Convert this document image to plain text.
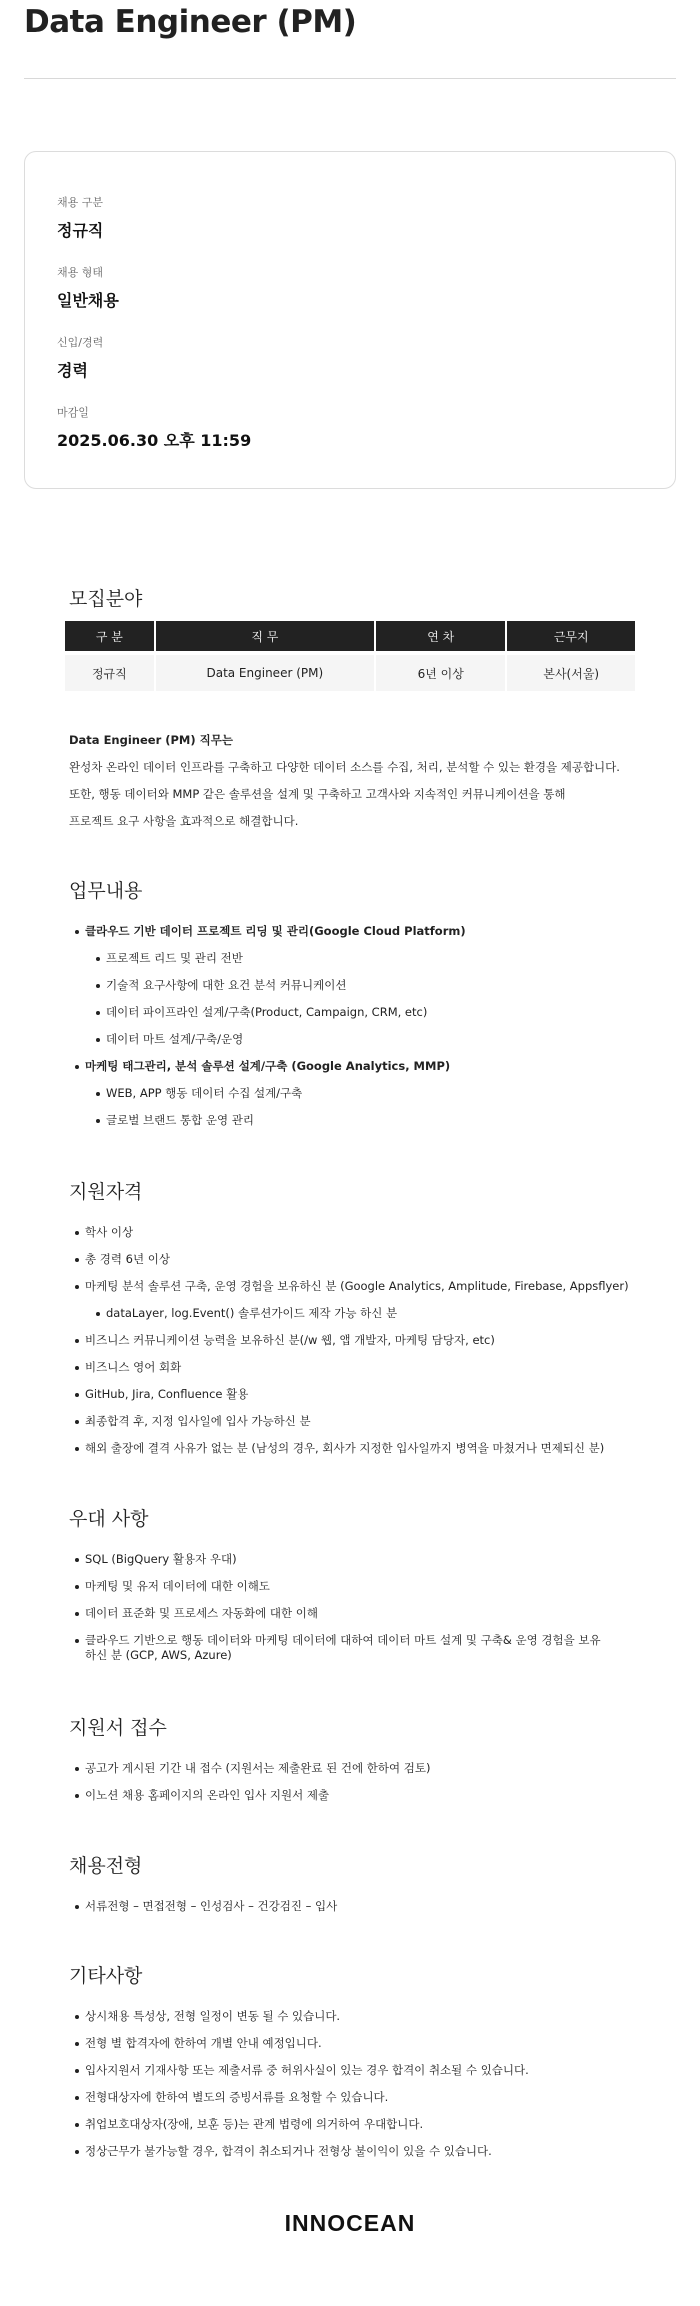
Data Engineer (PM)
채용 구분
정규직
채용 형태
일반채용
신입/경력
경력
마감일
2025.06.30 오후 11:59
모집분야
구 분	직 무	연 차	근무지
정규직	Data Engineer (PM)	6년 이상	본사(서울)
Data Engineer (PM) 직무는
완성차 온라인 데이터 인프라를 구축하고 다양한 데이터 소스를 수집, 처리, 분석할 수 있는 환경을 제공합니다.
또한, 행동 데이터와 MMP 같은 솔루션을 설계 및 구축하고 고객사와 지속적인 커뮤니케이션을 통해
프로젝트 요구 사항을 효과적으로 해결합니다.
업무내용
클라우드 기반 데이터 프로젝트 리딩 및 관리(Google Cloud Platform)
프로젝트 리드 및 관리 전반
기술적 요구사항에 대한 요건 분석 커뮤니케이션
데이터 파이프라인 설계/구축(Product, Campaign, CRM, etc)
데이터 마트 설계/구축/운영
마케팅 태그관리, 분석 솔루션 설계/구축 (Google Analytics, MMP)
WEB, APP 행동 데이터 수집 설계/구축
글로벌 브랜드 통합 운영 관리
지원자격
학사 이상
총 경력 6년 이상
마케팅 분석 솔루션 구축, 운영 경험을 보유하신 분 (Google Analytics, Amplitude, Firebase, Appsflyer)
dataLayer, log.Event() 솔루션가이드 제작 가능 하신 분
비즈니스 커뮤니케이션 능력을 보유하신 분(/w 웹, 앱 개발자, 마케팅 담당자, etc)
비즈니스 영어 회화
GitHub, Jira, Confluence 활용
최종합격 후, 지정 입사일에 입사 가능하신 분
해외 출장에 결격 사유가 없는 분 (남성의 경우, 회사가 지정한 입사일까지 병역을 마쳤거나 면제되신 분)
우대 사항
SQL (BigQuery 활용자 우대)
마케팅 및 유저 데이터에 대한 이해도
데이터 표준화 및 프로세스 자동화에 대한 이해
클라우드 기반으로 행동 데이터와 마케팅 데이터에 대하여 데이터 마트 설계 및 구축& 운영 경험을 보유하신 분 (GCP, AWS, Azure)
지원서 접수
공고가 게시된 기간 내 접수 (지원서는 제출완료 된 건에 한하여 검토)
이노션 채용 홈페이지의 온라인 입사 지원서 제출
채용전형
서류전형 – 면접전형 – 인성검사 – 건강검진 – 입사
기타사항
상시채용 특성상, 전형 일정이 변동 될 수 있습니다.
전형 별 합격자에 한하여 개별 안내 예정입니다.
입사지원서 기재사항 또는 제출서류 중 허위사실이 있는 경우 합격이 취소될 수 있습니다.
전형대상자에 한하여 별도의 증빙서류를 요청할 수 있습니다.
취업보호대상자(장애, 보훈 등)는 관계 법령에 의거하여 우대합니다.
정상근무가 불가능할 경우, 합격이 취소되거나 전형상 불이익이 있을 수 있습니다.
INNOCEAN
